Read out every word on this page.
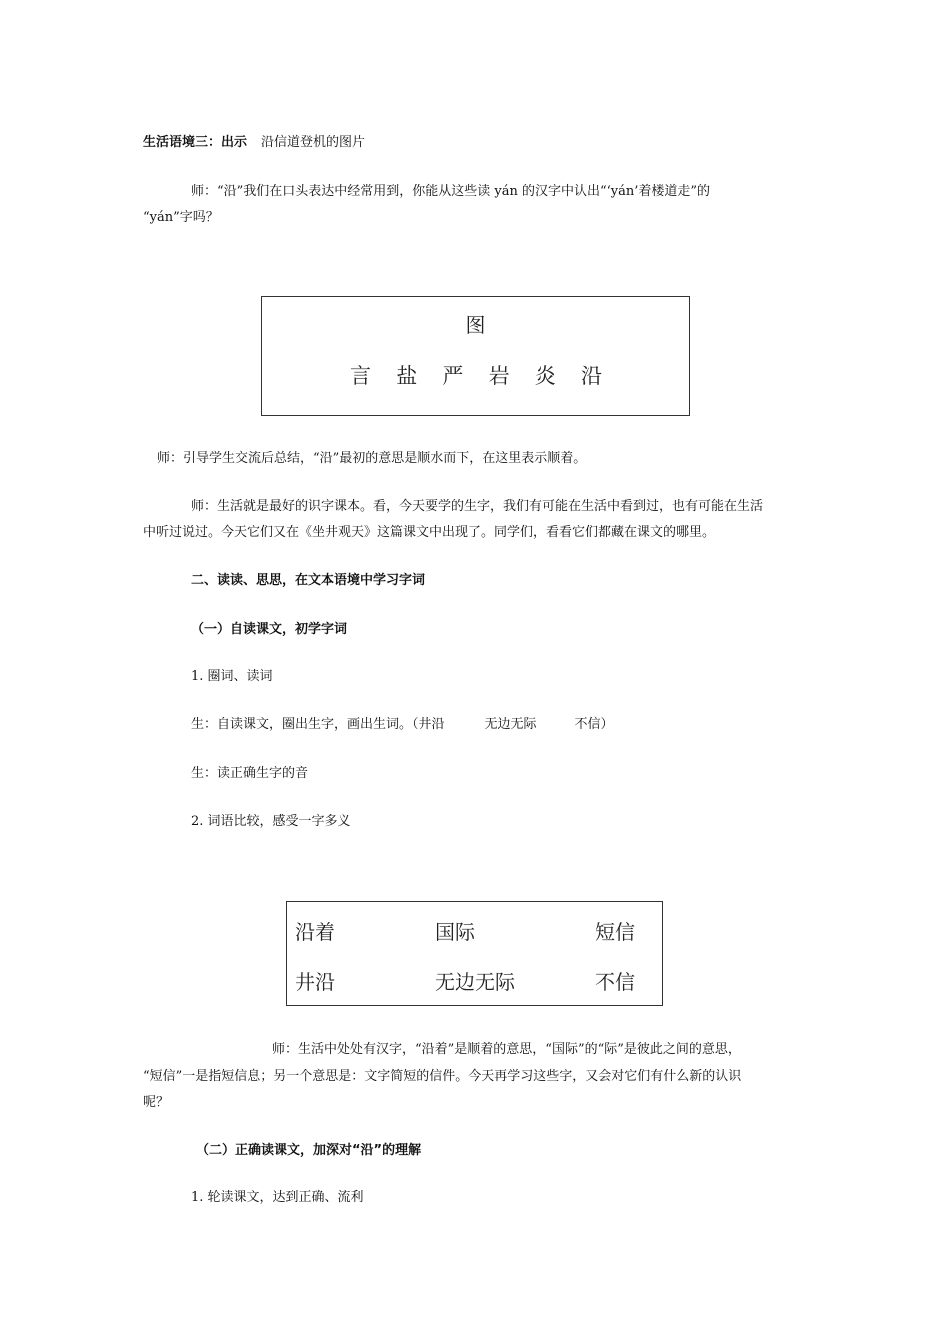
生活语境三：出示 沿信道登机的图片
师：“沿”我们在口头表达中经常用到，你能从这些读 yán 的汉字中认出“‘yán’着楼道走”的
“yán”字吗？
图
言 盐 严 岩 炎 沿
师：引导学生交流后总结，“沿”最初的意思是顺水而下，在这里表示顺着。
师：生活就是最好的识字课本。看，今天要学的生字，我们有可能在生活中看到过，也有可能在生活
中听过说过。今天它们又在《坐井观天》这篇课文中出现了。同学们，看看它们都藏在课文的哪里。
二、读读、思思，在文本语境中学习字词
（一）自读课文，初学字词
1. 圈词、读词
生：自读课文，圈出生字，画出生词。（井沿	无边无际	不信）
生：读正确生字的音
2. 词语比较，感受一字多义
沿着	国际	短信
井沿	无边无际	不信
师：生活中处处有汉字，“沿着”是顺着的意思，“国际”的“际”是彼此之间的意思，
“短信”一是指短信息；另一个意思是：文字简短的信件。今天再学习这些字，又会对它们有什么新的认识
呢？
（二）正确读课文，加深对“沿”的理解
1. 轮读课文，达到正确、流利
